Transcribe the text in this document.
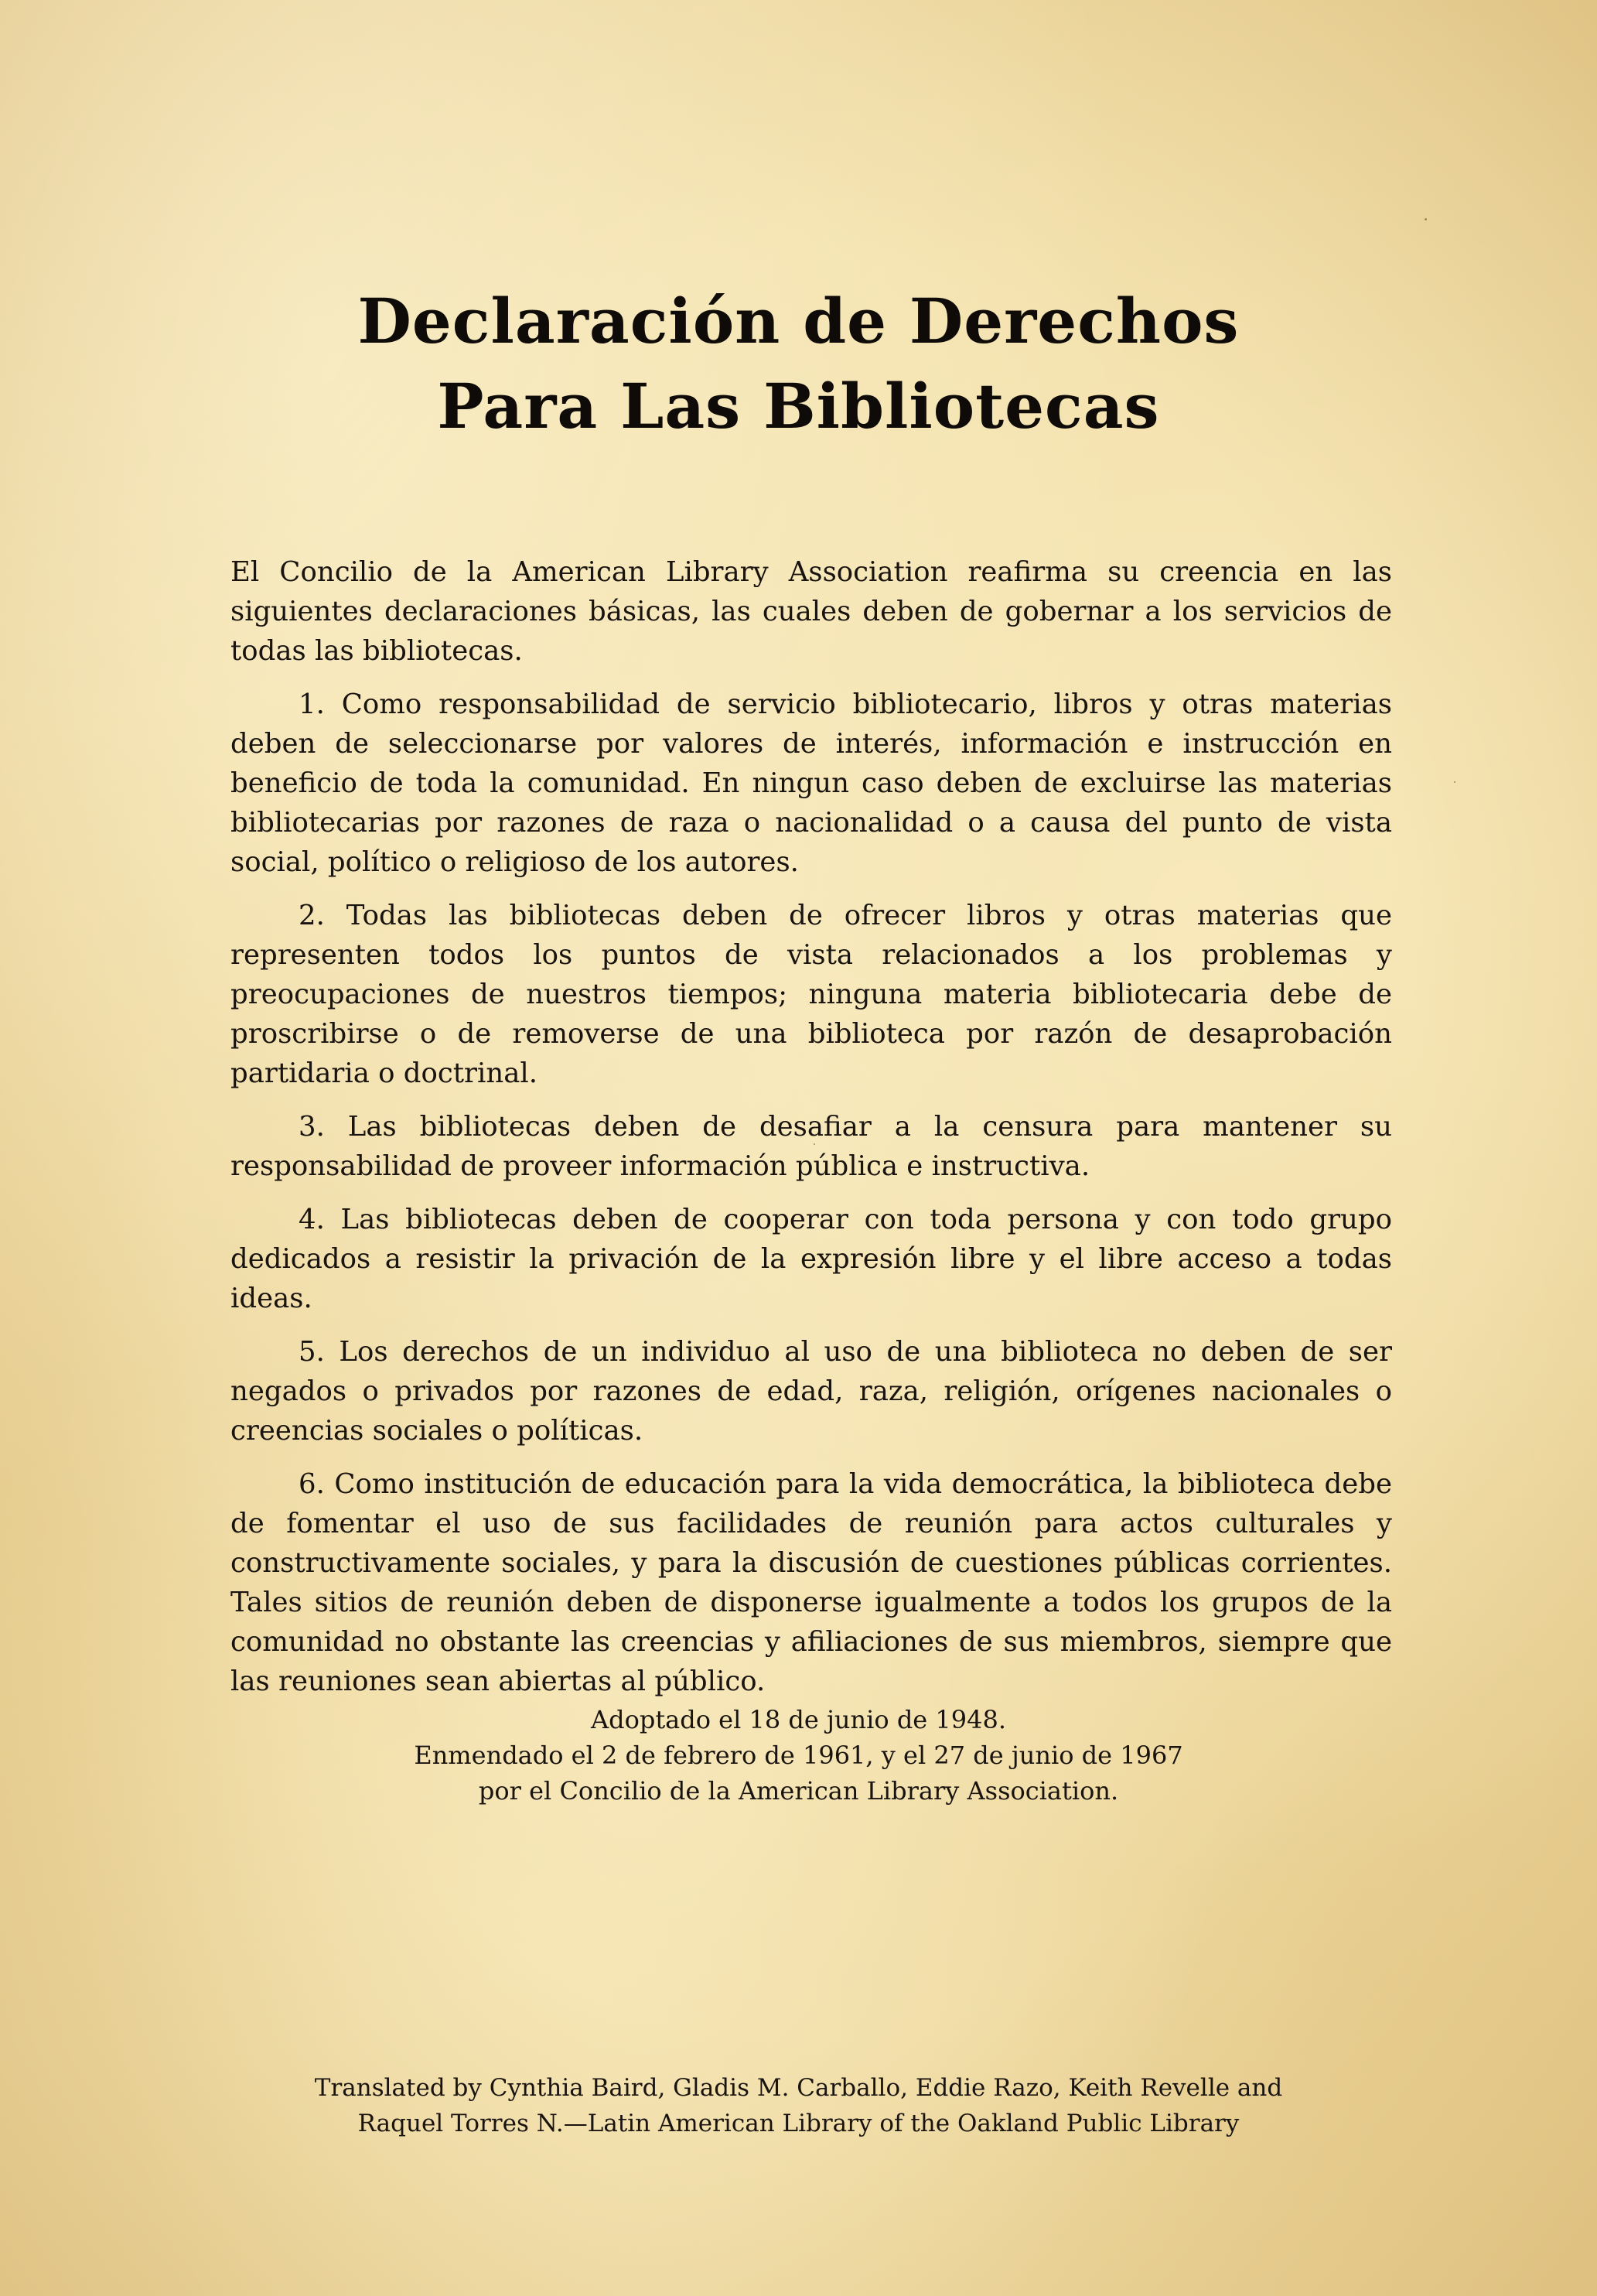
Declaración de Derechos
Para Las Bibliotecas

El Concilio de la American Library Association reafirma su creencia en las siguientes declaraciones básicas, las cuales deben de gobernar a los servicios de todas las bibliotecas.

1. Como responsabilidad de servicio bibliotecario, libros y otras materias deben de seleccionarse por valores de interés, información e instrucción en beneficio de toda la comunidad. En ningun caso deben de excluirse las materias bibliotecarias por razones de raza o nacionalidad o a causa del punto de vista social, político o religioso de los autores.

2. Todas las bibliotecas deben de ofrecer libros y otras materias que representen todos los puntos de vista relacionados a los problemas y preocupaciones de nuestros tiempos; ninguna materia bibliotecaria debe de proscribirse o de removerse de una biblioteca por razón de desaprobación partidaria o doctrinal.

3. Las bibliotecas deben de desafiar a la censura para mantener su responsabilidad de proveer información pública e instructiva.

4. Las bibliotecas deben de cooperar con toda persona y con todo grupo dedicados a resistir la privación de la expresión libre y el libre acceso a todas ideas.

5. Los derechos de un individuo al uso de una biblioteca no deben de ser negados o privados por razones de edad, raza, religión, orígenes nacionales o creencias sociales o políticas.

6. Como institución de educación para la vida democrática, la biblioteca debe de fomentar el uso de sus facilidades de reunión para actos culturales y constructivamente sociales, y para la discusión de cuestiones públicas corrientes. Tales sitios de reunión deben de disponerse igualmente a todos los grupos de la comunidad no obstante las creencias y afiliaciones de sus miembros, siempre que las reuniones sean abiertas al público.

Adoptado el 18 de junio de 1948.
Enmendado el 2 de febrero de 1961, y el 27 de junio de 1967
por el Concilio de la American Library Association.
Translated by Cynthia Baird, Gladis M. Carballo, Eddie Razo, Keith Revelle and
Raquel Torres N.—Latin American Library of the Oakland Public Library
